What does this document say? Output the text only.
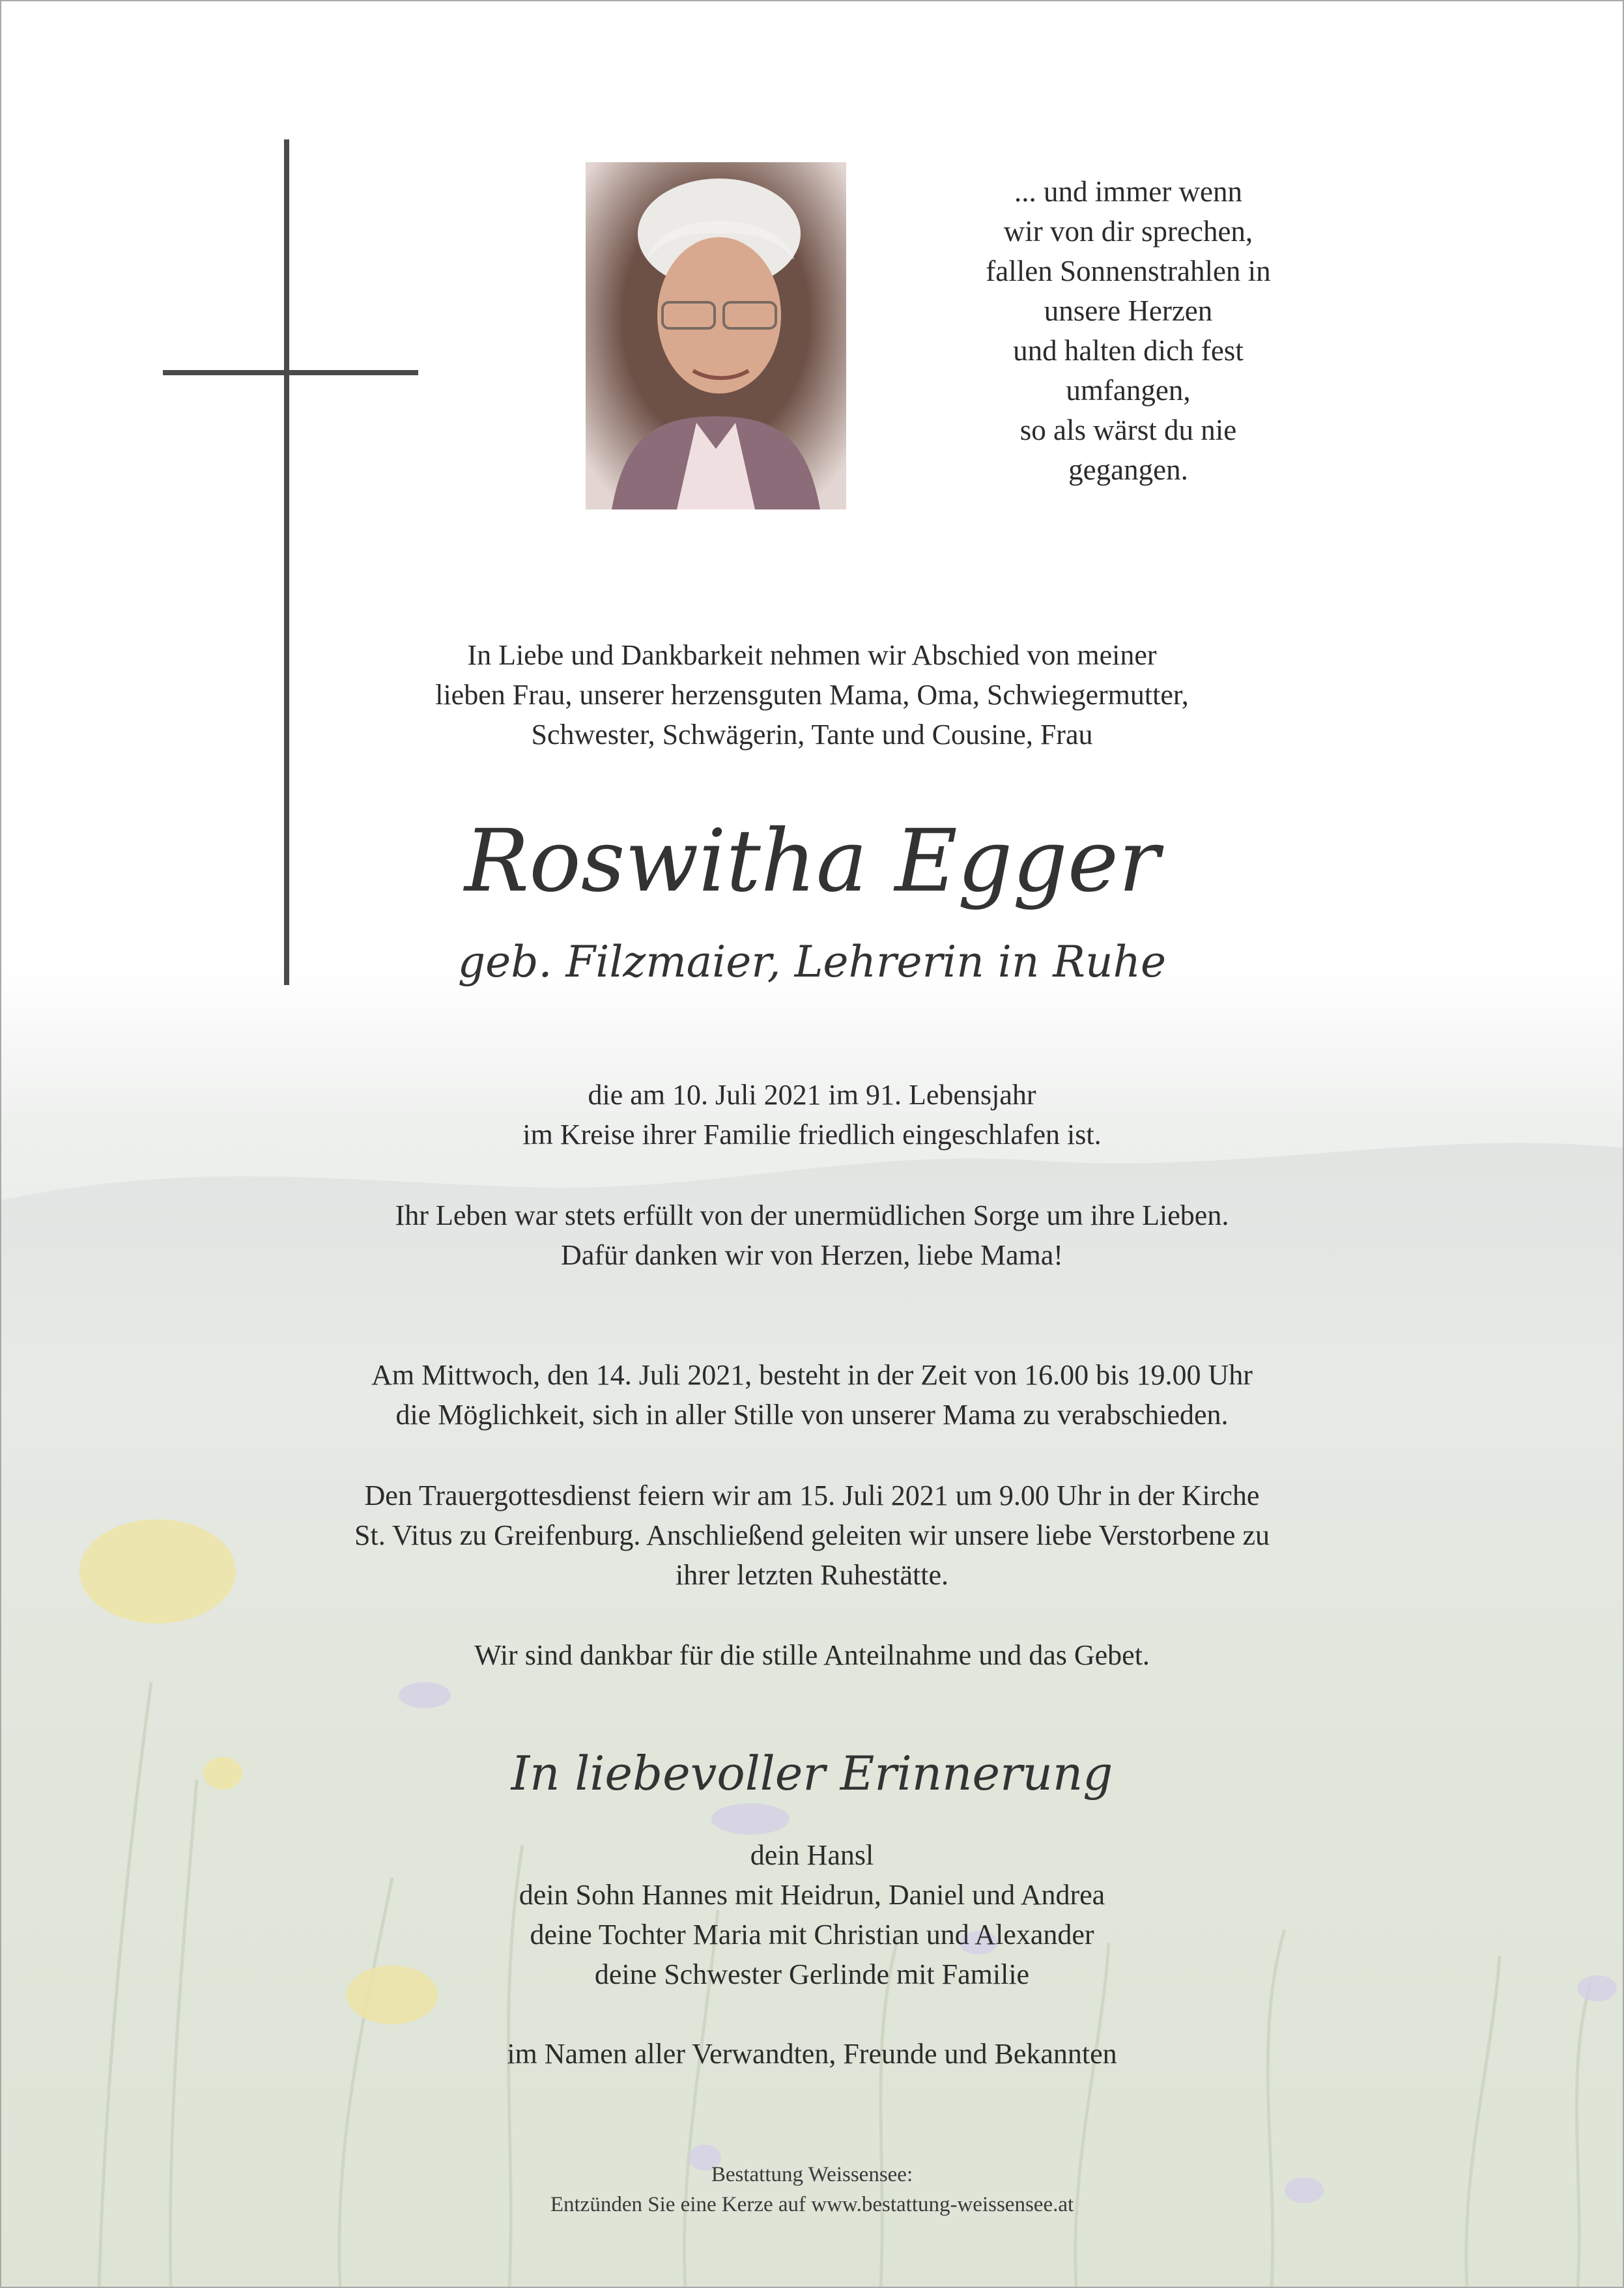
... und immer wenn
wir von dir sprechen,
fallen Sonnenstrahlen in
unsere Herzen
und halten dich fest
umfangen,
so als wärst du nie
gegangen.
In Liebe und Dankbarkeit nehmen wir Abschied von meiner
lieben Frau, unserer herzensguten Mama, Oma, Schwiegermutter,
Schwester, Schwägerin, Tante und Cousine, Frau
Roswitha Egger
geb. Filzmaier, Lehrerin in Ruhe
die am 10. Juli 2021 im 91. Lebensjahr
im Kreise ihrer Familie friedlich eingeschlafen ist.
Ihr Leben war stets erfüllt von der unermüdlichen Sorge um ihre Lieben.
Dafür danken wir von Herzen, liebe Mama!
Am Mittwoch, den 14. Juli 2021, besteht in der Zeit von 16.00 bis 19.00 Uhr
die Möglichkeit, sich in aller Stille von unserer Mama zu verabschieden.
Den Trauergottesdienst feiern wir am 15. Juli 2021 um 9.00 Uhr in der Kirche
St. Vitus zu Greifenburg. Anschließend geleiten wir unsere liebe Verstorbene zu
ihrer letzten Ruhestätte.
Wir sind dankbar für die stille Anteilnahme und das Gebet.
In liebevoller Erinnerung
dein Hansl
dein Sohn Hannes mit Heidrun, Daniel und Andrea
deine Tochter Maria mit Christian und Alexander
deine Schwester Gerlinde mit Familie
im Namen aller Verwandten, Freunde und Bekannten
Bestattung Weissensee:
Entzünden Sie eine Kerze auf www.bestattung-weissensee.at
